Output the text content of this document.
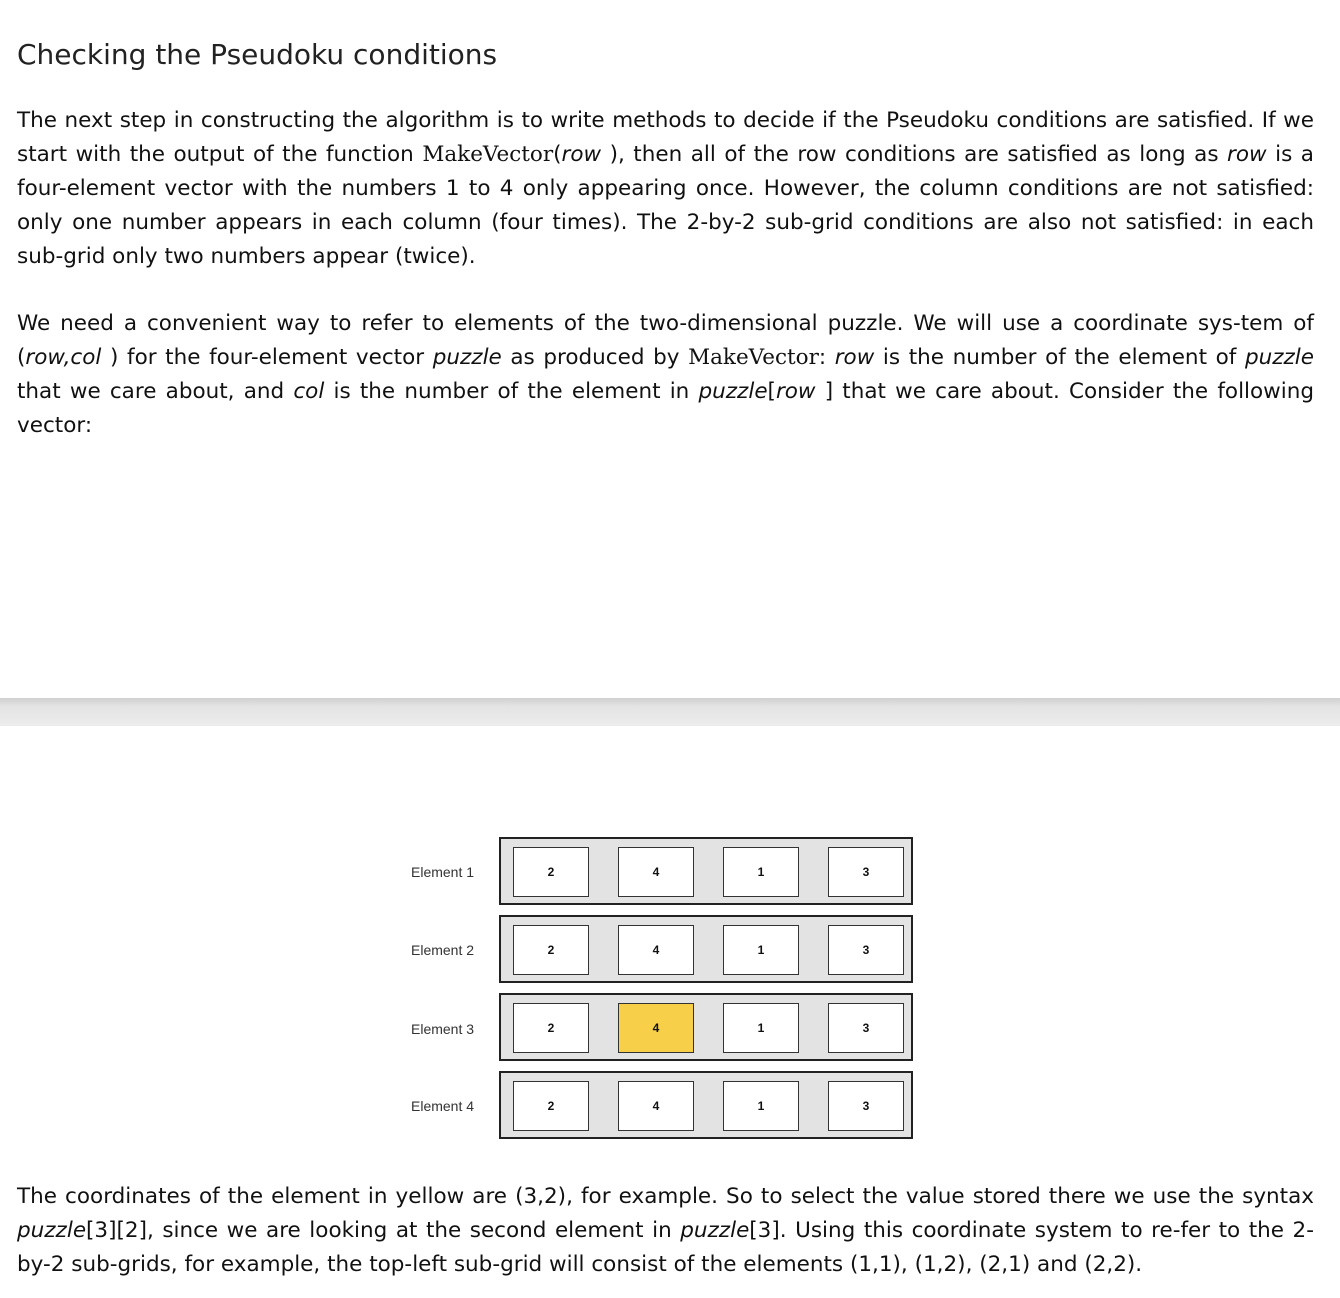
Checking the Pseudoku conditions

The next step in constructing the algorithm is to write methods to decide if the Pseudoku conditions are satisfied. If we start with the output of the function MakeVector(row ), then all of the row conditions are satisfied as long as row is a four-element vector with the numbers 1 to 4 only appearing once. However, the column conditions are not satisfied: only one number appears in each column (four times). The 2-by-2 sub-grid conditions are also not satisfied: in each sub-grid only two numbers appear (twice).

We need a convenient way to refer to elements of the two-dimensional puzzle. We will use a coordinate sys-tem of (row,col ) for the four-element vector puzzle as produced by MakeVector: row is the number of the element of puzzle that we care about, and col is the number of the element in puzzle[row ] that we care about. Consider the following vector:

Element 1	2	4	1	3
Element 2	2	4	1	3
Element 3	2	4	1	3
Element 4	2	4	1	3

The coordinates of the element in yellow are (3,2), for example. So to select the value stored there we use the syntax puzzle[3][2], since we are looking at the second element in puzzle[3]. Using this coordinate system to re-fer to the 2-by-2 sub-grids, for example, the top-left sub-grid will consist of the elements (1,1), (1,2), (2,1) and (2,2).
